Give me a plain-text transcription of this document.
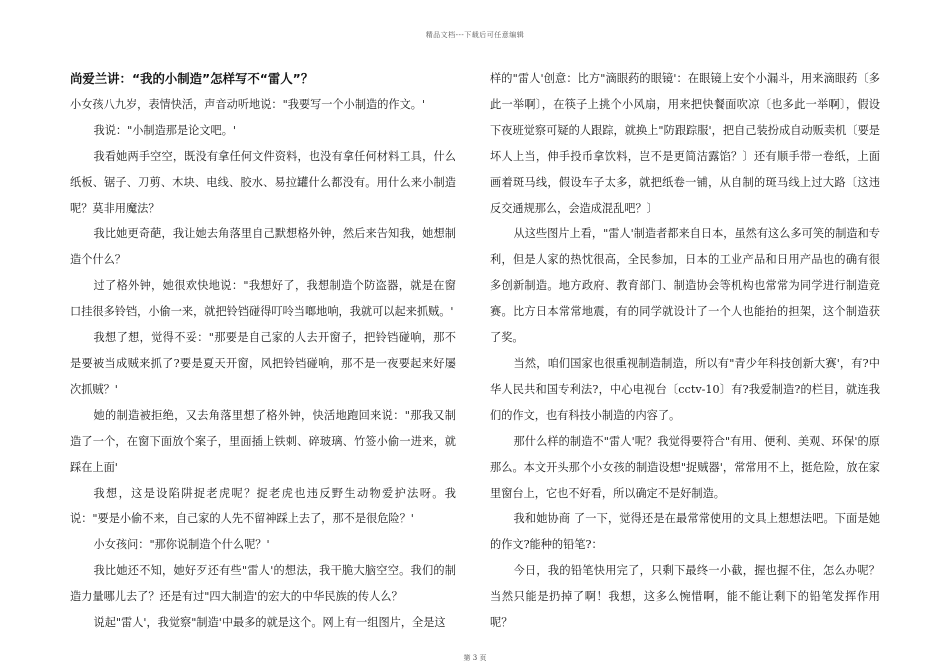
精品文档---下载后可任意编辑
尚爱兰讲：“我的小制造”怎样写不“雷人”？

小女孩八九岁，表情快活，声音动听地说："我要写一个小制造的作文。'

我说："小制造那是论文吧。'

我看她两手空空，既没有拿任何文件资料，也没有拿任何材料工具，什么纸板、锯子、刀剪、木块、电线、胶水、易拉罐什么都没有。用什么来小制造呢？莫非用魔法？

我比她更奇葩，我让她去角落里自己默想格外钟，然后来告知我，她想制造个什么？

过了格外钟，她很欢快地说："我想好了，我想制造个防盗器，就是在窗口挂很多铃铛，小偷一来，就把铃铛碰得叮呤当啷地响，我就可以起来抓贼。'

我想了想，觉得不妥："那要是自己家的人去开窗子，把铃铛碰响，那不是要被当成贼来抓了?要是夏天开窗，风把铃铛碰响，那不是一夜要起来好屡次抓贼？'

她的制造被拒绝，又去角落里想了格外钟，快活地跑回来说："那我又制造了一个，在窗下面放个案子，里面插上铁刺、碎玻璃、竹签小偷一进来，就踩在上面'

我想，这是设陷阱捉老虎呢？捉老虎也违反野生动物爱护法呀。我说："要是小偷不来，自己家的人先不留神踩上去了，那不是很危险？'

小女孩问："那你说制造个什么呢？'

我比她还不知，她好歹还有些"雷人'的想法，我干脆大脑空空。我们的制造力量哪儿去了？还是有过"四大制造'的宏大的中华民族的传人么？

说起"雷人'，我觉察"制造'中最多的就是这个。网上有一组图片，全是这

样的"雷人'创意：比方"滴眼药的眼镜'：在眼镜上安个小漏斗，用来滴眼药〔多此一举啊〕，在筷子上挑个小风扇，用来把快餐面吹凉〔也多此一举啊〕，假设下夜班觉察可疑的人跟踪，就换上"防跟踪服'，把自己装扮成自动贩卖机〔要是坏人上当，伸手投币拿饮料，岂不是更简洁露馅？〕还有顺手带一卷纸，上面画着斑马线，假设车子太多，就把纸卷一铺，从自制的斑马线上过大路〔这违反交通规那么，会造成混乱吧？〕

从这些图片上看，"雷人'制造者都来自日本，虽然有这么多可笑的制造和专利，但是人家的热忱很高，全民参加，日本的工业产品和日用产品也的确有很多创新制造。地方政府、教育部门、制造协会等机构也常常为同学进行制造竞赛。比方日本常常地震，有的同学就设计了一个人也能抬的担架，这个制造获了奖。

当然，咱们国家也很重视制造制造，所以有"青少年科技创新大赛'，有?中华人民共和国专利法?，中心电视台〔cctv-10〕有?我爱制造?的栏目，就连我们的作文，也有科技小制造的内容了。

那什么样的制造不"雷人'呢？我觉得要符合"有用、便利、美观、环保'的原那么。本文开头那个小女孩的制造设想"捉贼器'，常常用不上，挺危险，放在家里窗台上，它也不好看，所以确定不是好制造。

我和她协商 了一下，觉得还是在最常常使用的文具上想想法吧。下面是她的作文?能种的铅笔?：

今日，我的铅笔快用完了，只剩下最终一小截，握也握不住，怎么办呢？当然只能是扔掉了啊！我想，这多么惋惜啊，能不能让剩下的铅笔发挥作用呢？

第 3 页
